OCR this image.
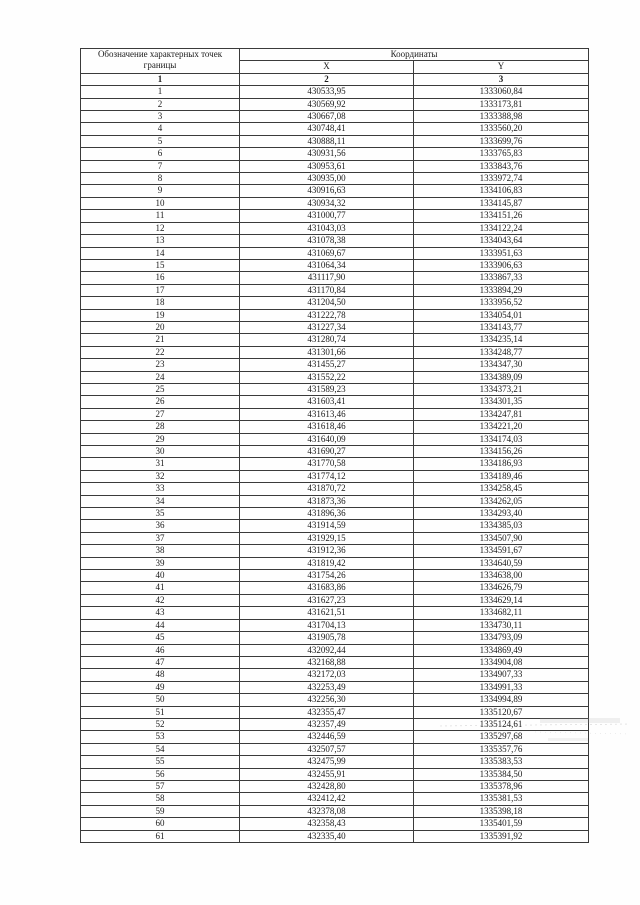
Обозначение характерных точек границы	Координаты	
	X	Y
1	2	3
1	430533,95	1333060,84
2	430569,92	1333173,81
3	430667,08	1333388,98
4	430748,41	1333560,20
5	430888,11	1333699,76
6	430931,56	1333765,83
7	430953,61	1333843,76
8	430935,00	1333972,74
9	430916,63	1334106,83
10	430934,32	1334145,87
11	431000,77	1334151,26
12	431043,03	1334122,24
13	431078,38	1334043,64
14	431069,67	1333951,63
15	431064,34	1333906,63
16	431117,90	1333867,33
17	431170,84	1333894,29
18	431204,50	1333956,52
19	431222,78	1334054,01
20	431227,34	1334143,77
21	431280,74	1334235,14
22	431301,66	1334248,77
23	431455,27	1334347,30
24	431552,22	1334389,09
25	431589,23	1334373,21
26	431603,41	1334301,35
27	431613,46	1334247,81
28	431618,46	1334221,20
29	431640,09	1334174,03
30	431690,27	1334156,26
31	431770,58	1334186,93
32	431774,12	1334189,46
33	431870,72	1334258,45
34	431873,36	1334262,05
35	431896,36	1334293,40
36	431914,59	1334385,03
37	431929,15	1334507,90
38	431912,36	1334591,67
39	431819,42	1334640,59
40	431754,26	1334638,00
41	431683,86	1334626,79
42	431627,23	1334629,14
43	431621,51	1334682,11
44	431704,13	1334730,11
45	431905,78	1334793,09
46	432092,44	1334869,49
47	432168,88	1334904,08
48	432172,03	1334907,33
49	432253,49	1334991,33
50	432256,30	1334994,89
51	432355,47	1335120,67
52	432357,49	1335124,61
53	432446,59	1335297,68
54	432507,57	1335357,76
55	432475,99	1335383,53
56	432455,91	1335384,50
57	432428,80	1335378,96
58	432412,42	1335381,53
59	432378,08	1335398,18
60	432358,43	1335401,59
61	432335,40	1335391,92
